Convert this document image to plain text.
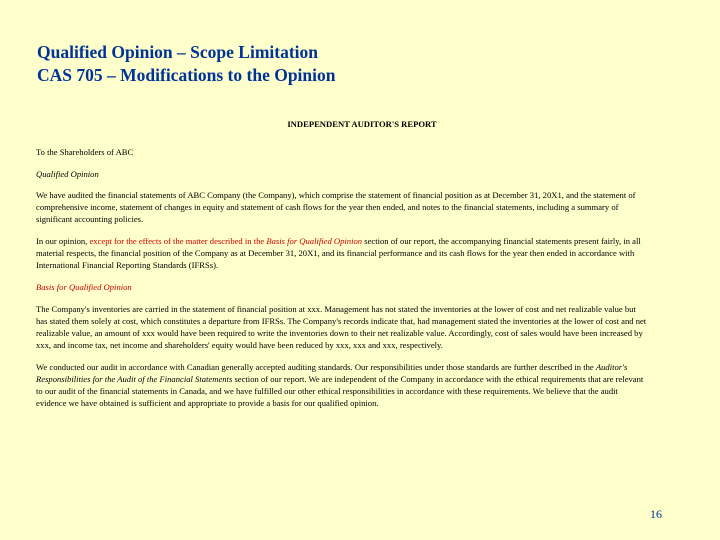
Qualified Opinion – Scope Limitation
CAS 705 – Modifications to the Opinion
INDEPENDENT AUDITOR'S REPORT

To the Shareholders of ABC

Qualified Opinion

We have audited the financial statements of ABC Company (the Company), which comprise the statement of financial position as at December 31, 20X1, and the statement of comprehensive income, statement of changes in equity and statement of cash flows for the year then ended, and notes to the financial statements, including a summary of significant accounting policies.

In our opinion, except for the effects of the matter described in the Basis for Qualified Opinion section of our report, the accompanying financial statements present fairly, in all material respects, the financial position of the Company as at December 31, 20X1, and its financial performance and its cash flows for the year then ended in accordance with International Financial Reporting Standards (IFRSs).

Basis for Qualified Opinion

The Company's inventories are carried in the statement of financial position at xxx. Management has not stated the inventories at the lower of cost and net realizable value but has stated them solely at cost, which constitutes a departure from IFRSs. The Company's records indicate that, had management stated the inventories at the lower of cost and net realizable value, an amount of xxx would have been required to write the inventories down to their net realizable value. Accordingly, cost of sales would have been increased by xxx, and income tax, net income and shareholders' equity would have been reduced by xxx, xxx and xxx, respectively.

We conducted our audit in accordance with Canadian generally accepted auditing standards. Our responsibilities under those standards are further described in the Auditor's Responsibilities for the Audit of the Financial Statements section of our report. We are independent of the Company in accordance with the ethical requirements that are relevant to our audit of the financial statements in Canada, and we have fulfilled our other ethical responsibilities in accordance with these requirements. We believe that the audit evidence we have obtained is sufficient and appropriate to provide a basis for our qualified opinion.

16
